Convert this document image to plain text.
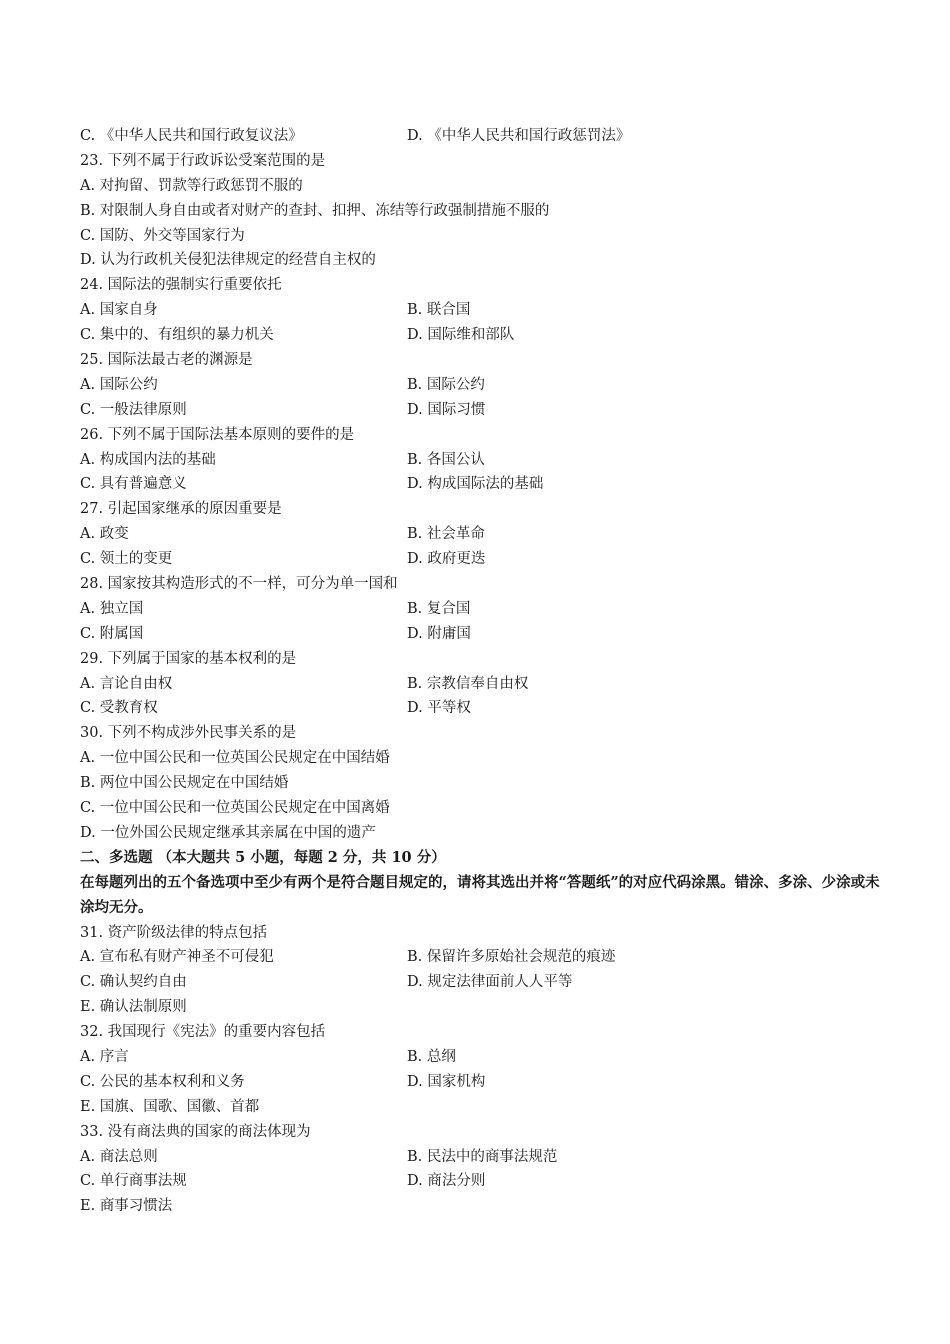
C. 《中华人民共和国行政复议法》	D. 《中华人民共和国行政惩罚法》
23. 下列不属于行政诉讼受案范围的是
A. 对拘留、罚款等行政惩罚不服的
B. 对限制人身自由或者对财产的查封、扣押、冻结等行政强制措施不服的
C. 国防、外交等国家行为
D. 认为行政机关侵犯法律规定的经营自主权的
24. 国际法的强制实行重要依托
A. 国家自身	B. 联合国
C. 集中的、有组织的暴力机关	D. 国际维和部队
25. 国际法最古老的渊源是
A. 国际公约	B. 国际公约
C. 一般法律原则	D. 国际习惯
26. 下列不属于国际法基本原则的要件的是
A. 构成国内法的基础	B. 各国公认
C. 具有普遍意义	D. 构成国际法的基础
27. 引起国家继承的原因重要是
A. 政变	B. 社会革命
C. 领土的变更	D. 政府更迭
28. 国家按其构造形式的不一样，可分为单一国和
A. 独立国	B. 复合国
C. 附属国	D. 附庸国
29. 下列属于国家的基本权利的是
A. 言论自由权	B. 宗教信奉自由权
C. 受教育权	D. 平等权
30. 下列不构成涉外民事关系的是
A. 一位中国公民和一位英国公民规定在中国结婚
B. 两位中国公民规定在中国结婚
C. 一位中国公民和一位英国公民规定在中国离婚
D. 一位外国公民规定继承其亲属在中国的遗产
二、多选题 （本大题共 5 小题，每题 2 分，共 10 分）
在每题列出的五个备选项中至少有两个是符合题目规定的，请将其选出并将“答题纸”的对应代码涂黑。错涂、多涂、少涂或未涂均无分。
31. 资产阶级法律的特点包括
A. 宣布私有财产神圣不可侵犯	B. 保留许多原始社会规范的痕迹
C. 确认契约自由	D. 规定法律面前人人平等
E. 确认法制原则
32. 我国现行《宪法》的重要内容包括
A. 序言	B. 总纲
C. 公民的基本权利和义务	D. 国家机构
E. 国旗、国歌、国徽、首都
33. 没有商法典的国家的商法体现为
A. 商法总则	B. 民法中的商事法规范
C. 单行商事法规	D. 商法分则
E. 商事习惯法
